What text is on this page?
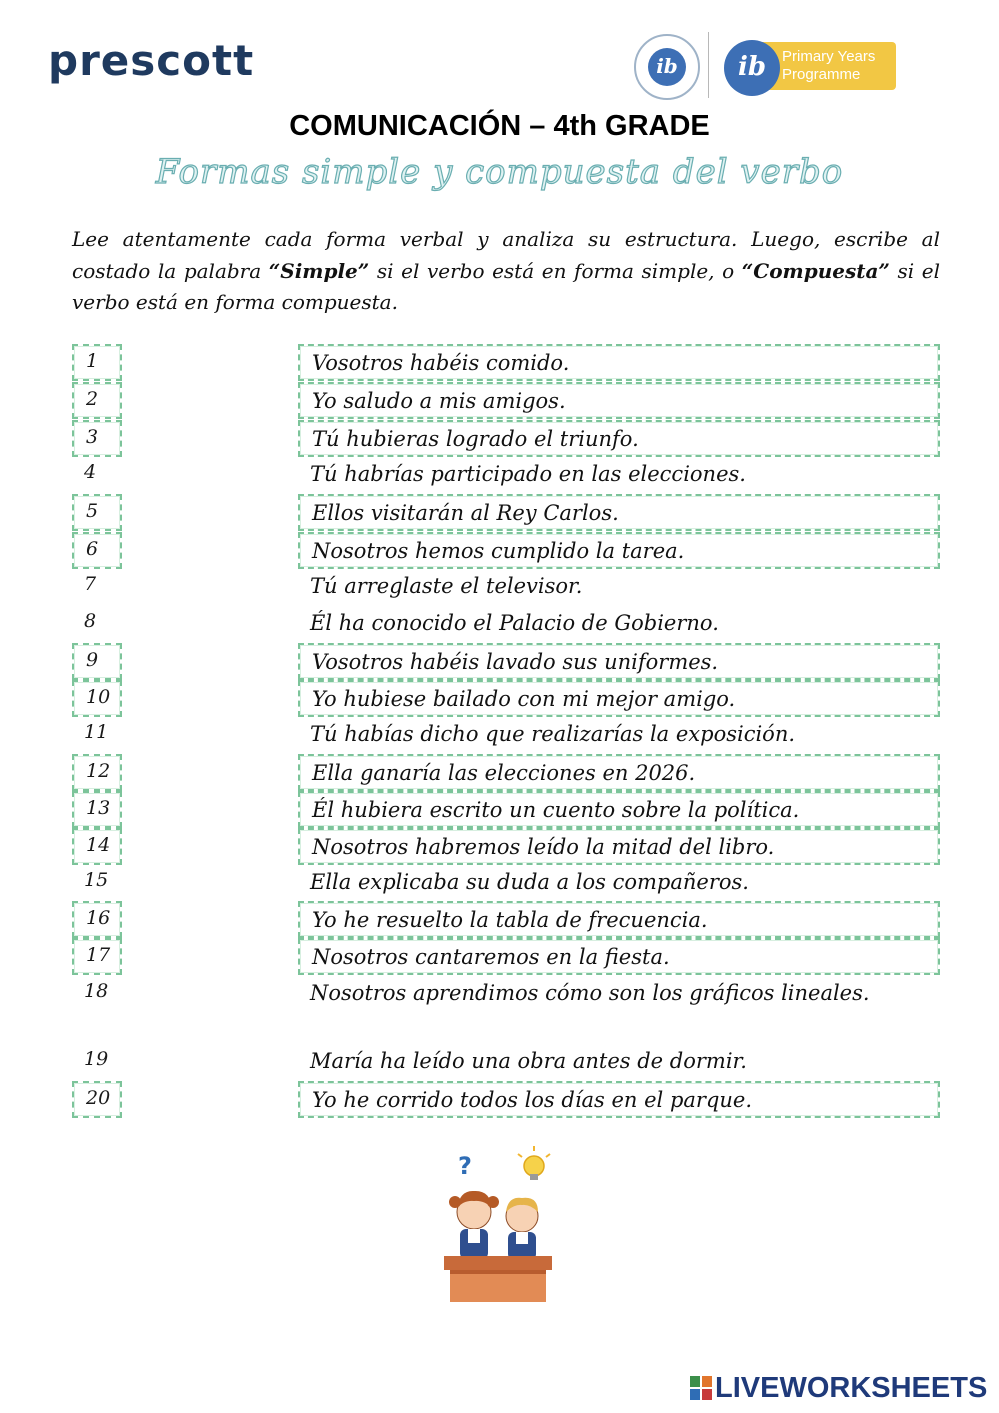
prescott	ib	Primary Years
Programme
ib
COMUNICACIÓN – 4th GRADE
Formas simple y compuesta del verbo
Lee atentamente cada forma verbal y analiza su estructura. Luego, escribe al costado la palabra “Simple” si el verbo está en forma simple, o “Compuesta” si el verbo está en forma compuesta.
1	Vosotros habéis comido.
2	Yo saludo a mis amigos.
3	Tú hubieras logrado el triunfo.
4	Tú habrías participado en las elecciones.
5	Ellos visitarán al Rey Carlos.
6	Nosotros hemos cumplido la tarea.
7	Tú arreglaste el televisor.
8	Él ha conocido el Palacio de Gobierno.
9	Vosotros habéis lavado sus uniformes.
10	Yo hubiese bailado con mi mejor amigo.
11	Tú habías dicho que realizarías la exposición.
12	Ella ganaría las elecciones en 2026.
13	Él hubiera escrito un cuento sobre la política.
14	Nosotros habremos leído la mitad del libro.
15	Ella explicaba su duda a los compañeros.
16	Yo he resuelto la tabla de frecuencia.
17	Nosotros cantaremos en la fiesta.
18	Nosotros aprendimos cómo son los gráficos lineales.
19	María ha leído una obra antes de dormir.
20	Yo he corrido todos los días en el parque.
?
LIVEWORKSHEETS
